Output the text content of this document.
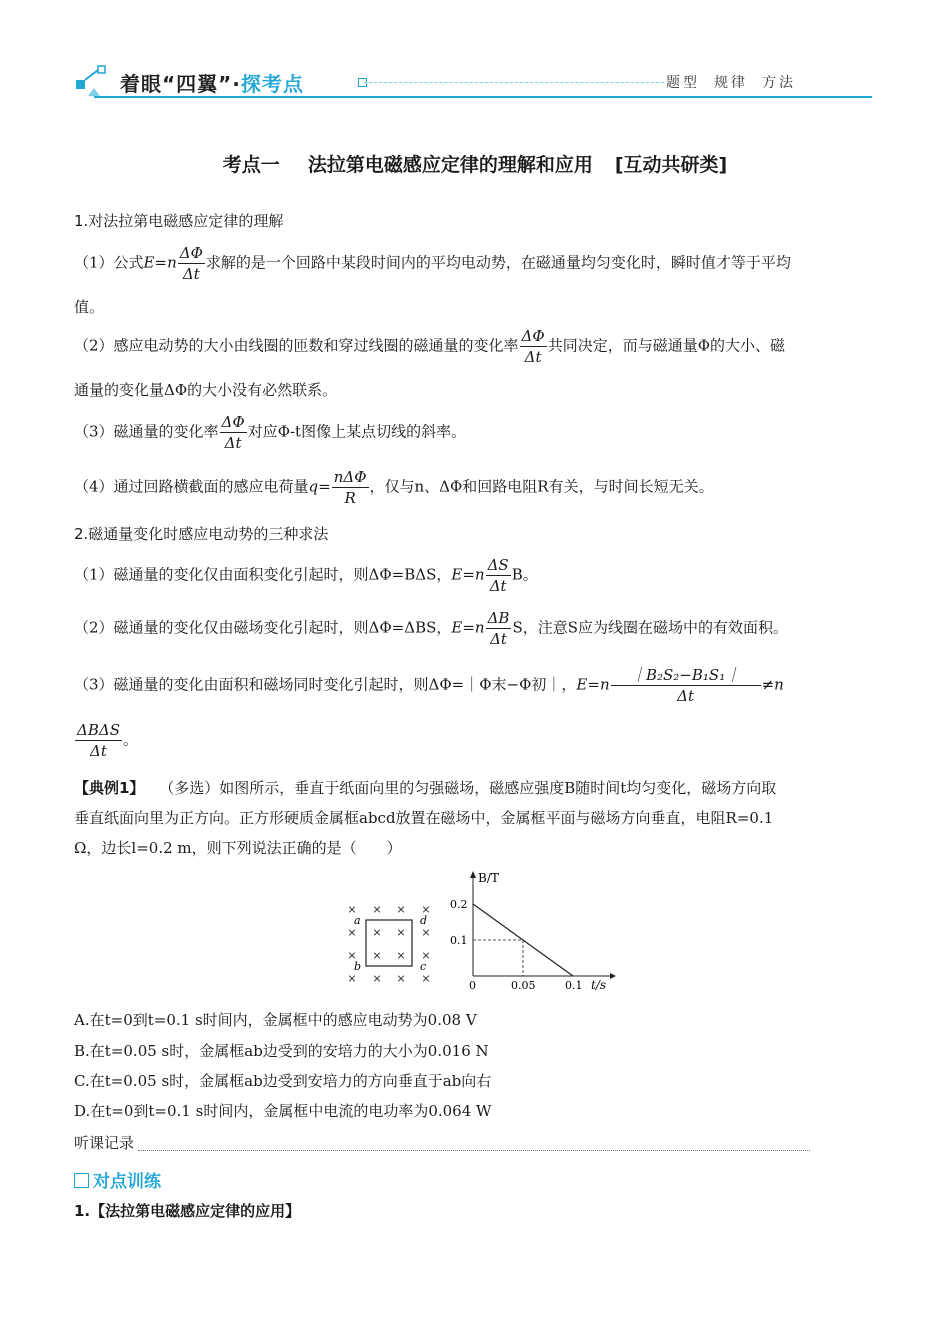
着眼“四翼”·探考点	题型 规律 方法
考点一 法拉第电磁感应定律的理解和应用 [互动共研类]
1.对法拉第电磁感应定律的理解
（1）公式$E=n \frac{\Delta\Phi}{\Delta t}$ 求解的是一个回路中某段时间内的平均电动势，在磁通量均匀变化时，瞬时值才等于平均
值。
（2）感应电动势的大小由线圈的匝数和穿过线圈的磁通量的变化率 $\frac{\Delta\Phi}{\Delta t}$ 共同决定，而与磁通量Φ的大小、磁
通量的变化量ΔΦ的大小没有必然联系。
（3）磁通量的变化率 $\frac{\Delta\Phi}{\Delta t}$ 对应Φ-t图像上某点切线的斜率。
（4）通过回路横截面的感应电荷量$q= \frac{\text{nΔΦ}}{R}$ ，仅与n、ΔΦ和回路电阻R有关，与时间长短无关。
2.磁通量变化时感应电动势的三种求法
（1）磁通量的变化仅由面积变化引起时，则ΔΦ=BΔS，$E=n \frac{\Delta S}{\Delta t}$ B。
（2）磁通量的变化仅由磁场变化引起时，则ΔΦ=ΔBS，$E=n \frac{\Delta B}{\Delta t}$ S，注意S应为线圈在磁场中的有效面积。
（3）磁通量的变化由面积和磁场同时变化引起时，则ΔΦ=｜Φ末−Φ初｜，$E=n \frac{\text{｜B₂S₂−B₁S₁｜}}{\Delta t} \ne n$
$\frac{\text{ΔBΔS}}{\Delta t}$ 。
【典例1】 （多选）如图所示，垂直于纸面向里的匀强磁场，磁感应强度B随时间t均匀变化，磁场方向取
垂直纸面向里为正方向。正方形硬质金属框abcd放置在磁场中，金属框平面与磁场方向垂直，电阻R=0.1
Ω，边长l=0.2 m，则下列说法正确的是（　　）
× × × ×
× × × ×
× × × ×
× × × ×
a	d
b	c
B/T
t/s
0
0.2
0.1
0.05	0.1
A.在t=0到t=0.1 s时间内，金属框中的感应电动势为0.08 V
B.在t=0.05 s时，金属框ab边受到的安培力的大小为0.016 N
C.在t=0.05 s时，金属框ab边受到安培力的方向垂直于ab向右
D.在t=0到t=0.1 s时间内，金属框中电流的电功率为0.064 W
听课记录
对点训练
1.【法拉第电磁感应定律的应用】
